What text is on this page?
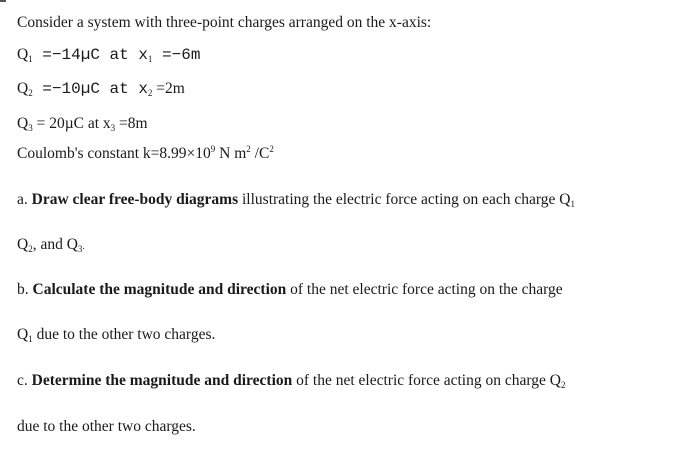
Consider a system with three-point charges arranged on the x-axis:
$Q_1 =-14\mu C$ at $x_1 =-6m$
$Q_2 =-10\mu C$ at $x_2 =2m$
$Q_3 = 20\mu C$ at $x_3 =8m$
Coulomb's constant $k=8.99\times 10^9$ N $m^2$ $/C^2$
a. Draw clear free-body diagrams illustrating the electric force acting on each charge $Q_1$
$Q_2$, and $Q_3$.
b. Calculate the magnitude and direction of the net electric force acting on the charge
$Q_1$ due to the other two charges.
c. Determine the magnitude and direction of the net electric force acting on charge $Q_2$
due to the other two charges.
